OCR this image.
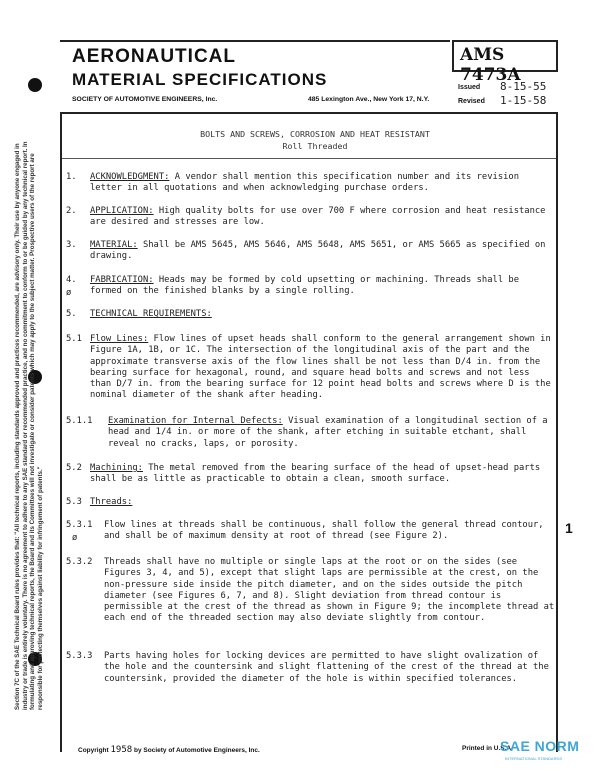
Section 7C of the SAE Technical Board rules provides that: "All technical reports, including standards approved and practices recommended, are advisory only. Their use by anyone engaged in industry or trade is entirely voluntary. There is no agreement to adhere to any SAE standard or recommended practice, and no commitment to conform to or be guided by any technical report. In formulating and approving technical reports, the Board and its Committees will not investigate or consider patents which may apply to the subject matter. Prospective users of the report are responsible for protecting themselves against liability for infringement of patents."
AERONAUTICAL
MATERIAL SPECIFICATIONS
SOCIETY OF AUTOMOTIVE ENGINEERS, Inc.	485 Lexington Ave., New York 17, N.Y.
AMS 7473A
Issued 8-15-55
Revised 1-15-58
BOLTS AND SCREWS, CORROSION AND HEAT RESISTANT
Roll Threaded
1. ACKNOWLEDGMENT: A vendor shall mention this specification number and its revision letter in all quotations and when acknowledging purchase orders.
2. APPLICATION: High quality bolts for use over 700 F where corrosion and heat resistance are desired and stresses are low.
3. MATERIAL: Shall be AMS 5645, AMS 5646, AMS 5648, AMS 5651, or AMS 5665 as specified on drawing.
4.
ø
FABRICATION: Heads may be formed by cold upsetting or machining. Threads shall be formed on the finished blanks by a single rolling.
5. TECHNICAL REQUIREMENTS:
5.1 Flow Lines: Flow lines of upset heads shall conform to the general arrangement shown in Figure 1A, 1B, or 1C. The intersection of the longitudinal axis of the part and the approximate transverse axis of the flow lines shall be not less than D/4 in. from the bearing surface for hexagonal, round, and square head bolts and screws and not less than D/7 in. from the bearing surface for 12 point head bolts and screws where D is the nominal diameter of the shank after heading.
5.1.1 Examination for Internal Defects: Visual examination of a longitudinal section of a head and 1/4 in. or more of the shank, after etching in suitable etchant, shall reveal no cracks, laps, or porosity.
5.2 Machining: The metal removed from the bearing surface of the head of upset-head parts shall be as little as practicable to obtain a clean, smooth surface.
5.3 Threads:
5.3.1
ø
Flow lines at threads shall be continuous, shall follow the general thread contour, and shall be of maximum density at root of thread (see Figure 2).
5.3.2 Threads shall have no multiple or single laps at the root or on the sides (see Figures 3, 4, and 5), except that slight laps are permissible at the crest, on the non-pressure side inside the pitch diameter, and on the sides outside the pitch diameter (see Figures 6, 7, and 8). Slight deviation from thread contour is permissible at the crest of the thread as shown in Figure 9; the incomplete thread at each end of the threaded section may also deviate slightly from contour.
5.3.3 Parts having holes for locking devices are permitted to have slight ovalization of the hole and the countersink and slight flattening of the crest of the thread at the countersink, provided the diameter of the hole is within specified tolerances.
1
Copyright 1958 by Society of Automotive Engineers, Inc.	Printed in U.S.A.
SAE NORM
INTERNATIONAL STANDARDS
